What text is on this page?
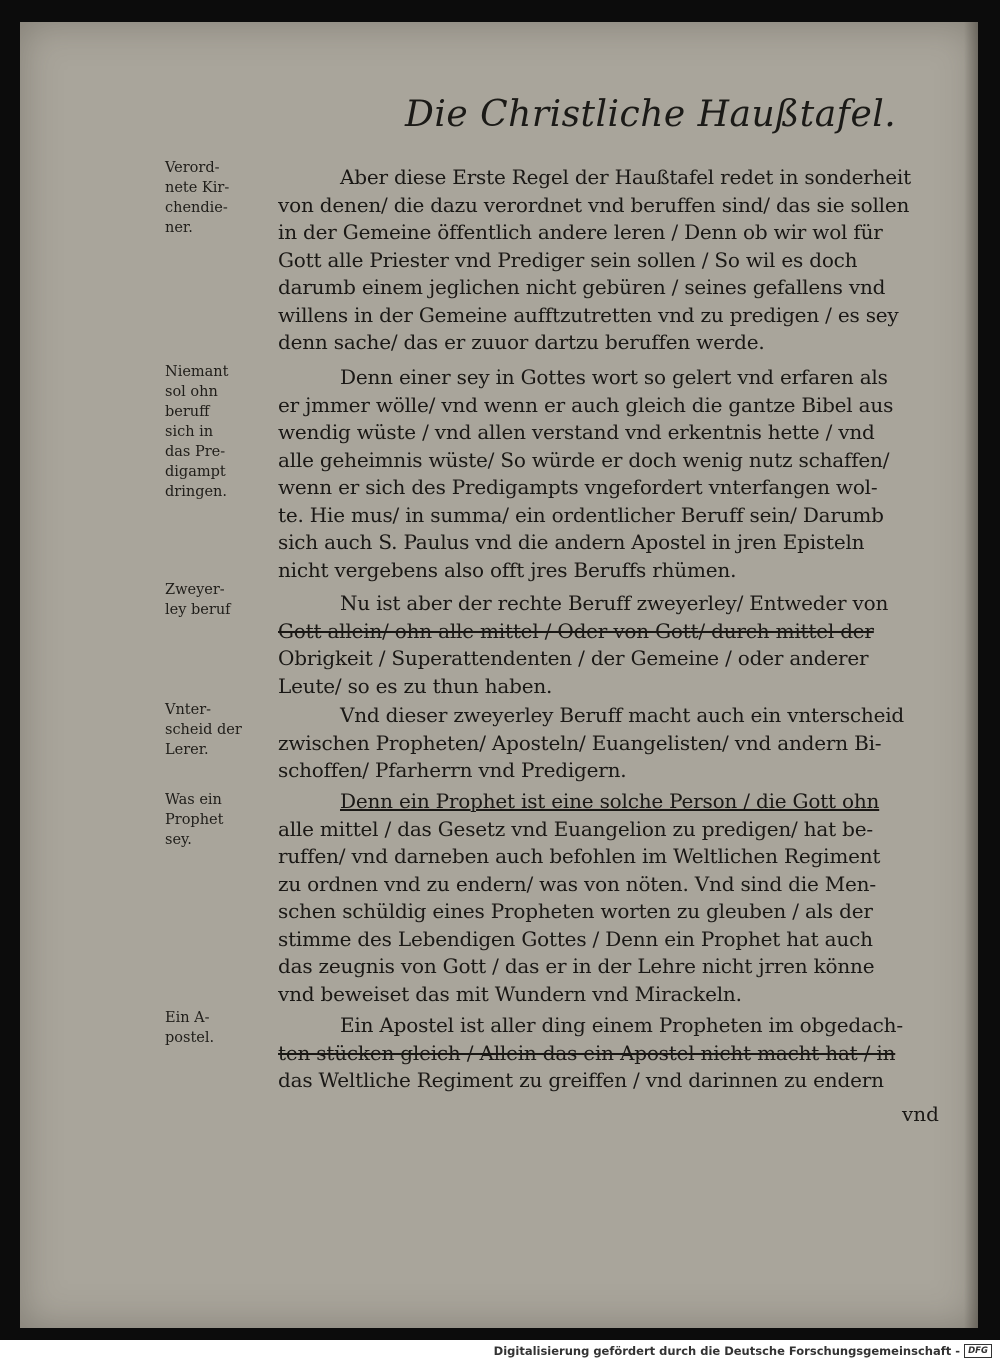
Die Christliche Haußtafel.
Verord-
nete Kir-
chendie-
ner.
Niemant
sol ohn
beruff
sich in
das Pre-
digampt
dringen.
Zweyer-
ley beruf
Vnter-
scheid der
Lerer.
Was ein
Prophet
sey.
Ein A-
postel.
Aber diese Erste Regel der Haußtafel redet in sonderheit
von denen/ die dazu verordnet vnd beruffen sind/ das sie sollen
in der Gemeine öffentlich andere leren / Denn ob wir wol für
Gott alle Priester vnd Prediger sein sollen / So wil es doch
darumb einem jeglichen nicht gebüren / seines gefallens vnd
willens in der Gemeine aufftzutretten vnd zu predigen / es sey
denn sache/ das er zuuor dartzu beruffen werde.
Denn einer sey in Gottes wort so gelert vnd erfaren als
er jmmer wölle/ vnd wenn er auch gleich die gantze Bibel aus
wendig wüste / vnd allen verstand vnd erkentnis hette / vnd
alle geheimnis wüste/ So würde er doch wenig nutz schaffen/
wenn er sich des Predigampts vngefordert vnterfangen wol-
te. Hie mus/ in summa/ ein ordentlicher Beruff sein/ Darumb
sich auch S. Paulus vnd die andern Apostel in jren Episteln
nicht vergebens also offt jres Beruffs rhümen.
Nu ist aber der rechte Beruff zweyerley/ Entweder von
Gott allein/ ohn alle mittel / Oder von Gott/ durch mittel der
Obrigkeit / Superattendenten / der Gemeine / oder anderer
Leute/ so es zu thun haben.
Vnd dieser zweyerley Beruff macht auch ein vnterscheid
zwischen Propheten/ Aposteln/ Euangelisten/ vnd andern Bi-
schoffen/ Pfarherrn vnd Predigern.
Denn ein Prophet ist eine solche Person / die Gott ohn
alle mittel / das Gesetz vnd Euangelion zu predigen/ hat be-
ruffen/ vnd darneben auch befohlen im Weltlichen Regiment
zu ordnen vnd zu endern/ was von nöten. Vnd sind die Men-
schen schüldig eines Propheten worten zu gleuben / als der
stimme des Lebendigen Gottes / Denn ein Prophet hat auch
das zeugnis von Gott / das er in der Lehre nicht jrren könne
vnd beweiset das mit Wundern vnd Mirackeln.
Ein Apostel ist aller ding einem Propheten im obgedach-
ten stücken gleich / Allein das ein Apostel nicht macht hat / in
das Weltliche Regiment zu greiffen / vnd darinnen zu endern
vnd
Digitalisierung gefördert durch die Deutsche Forschungsgemeinschaft - DFG
